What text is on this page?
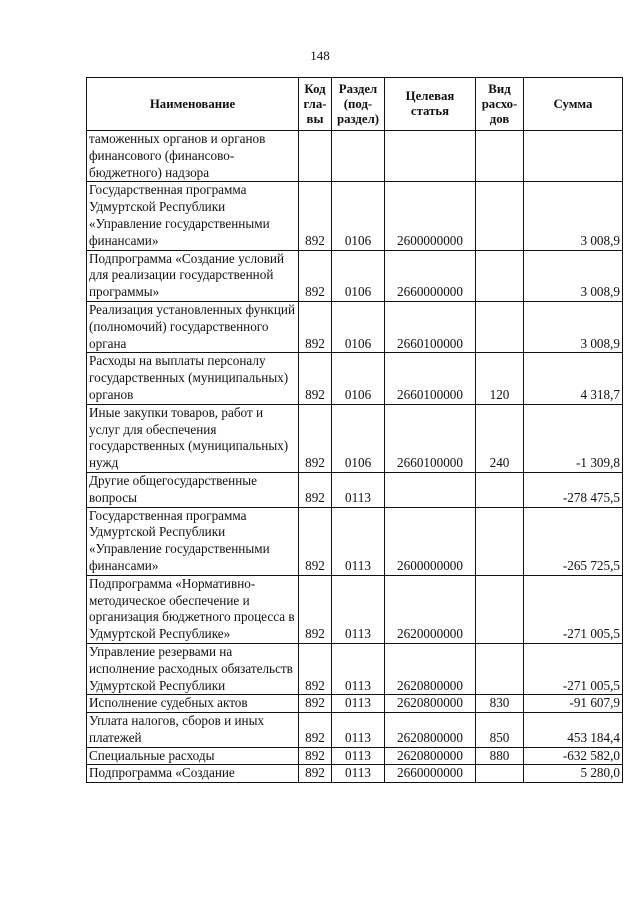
148
Наименование	Код гла-вы	Раздел (под-раздел)	Целевая статья	Вид расхо-дов	Сумма
таможенных органов и органов финансового (финансово-бюджетного) надзора					
Государственная программа Удмуртской Республики «Управление государственными финансами»	892	0106	2600000000		3 008,9
Подпрограмма «Создание условий для реализации государственной программы»	892	0106	2660000000		3 008,9
Реализация установленных функций (полномочий) государственного органа	892	0106	2660100000		3 008,9
Расходы на выплаты персоналу государственных (муниципальных) органов	892	0106	2660100000	120	4 318,7
Иные закупки товаров, работ и услуг для обеспечения государственных (муниципальных) нужд	892	0106	2660100000	240	-1 309,8
Другие общегосударственные вопросы	892	0113			-278 475,5
Государственная программа Удмуртской Республики «Управление государственными финансами»	892	0113	2600000000		-265 725,5
Подпрограмма «Нормативно-методическое обеспечение и организация бюджетного процесса в Удмуртской Республике»	892	0113	2620000000		-271 005,5
Управление резервами на исполнение расходных обязательств Удмуртской Республики	892	0113	2620800000		-271 005,5
Исполнение судебных актов	892	0113	2620800000	830	-91 607,9
Уплата налогов, сборов и иных платежей	892	0113	2620800000	850	453 184,4
Специальные расходы	892	0113	2620800000	880	-632 582,0
Подпрограмма «Создание	892	0113	2660000000		5 280,0
